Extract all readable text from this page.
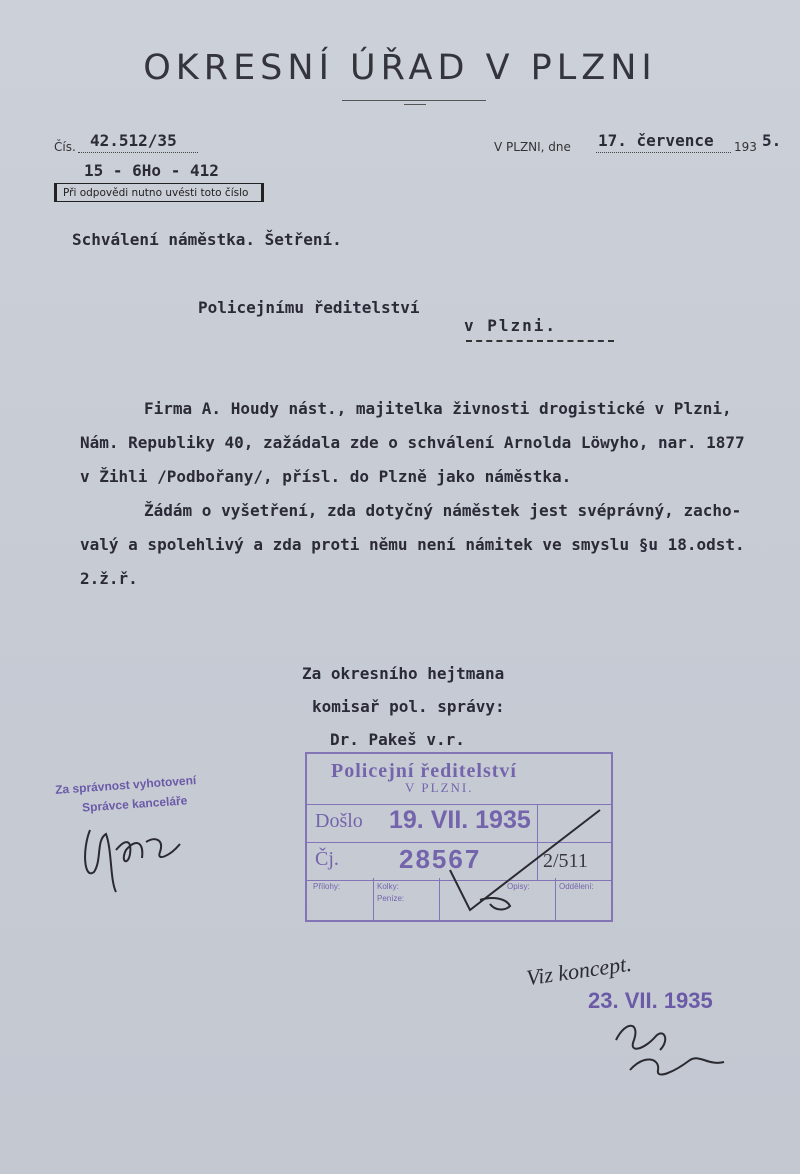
OKRESNÍ ÚŘAD V PLZNI
Čís. 42.512/35
15 - 6Ho - 412
Při odpovědi nutno uvésti toto číslo
V PLZNI, dne 17. července 193 5.
Schválení náměstka. Šetření.
Policejnímu ředitelství
v Plzni.
Firma A. Houdy nást., majitelka živnosti drogistické v Plzni,
Nám. Republiky 40, zažádala zde o schválení Arnolda Löwyho, nar. 1877
v Žihli /Podbořany/, přísl. do Plzně jako náměstka.
Žádám o vyšetření, zda dotyčný náměstek jest svéprávný, zacho-
valý a spolehlivý a zda proti němu není námitek ve smyslu §u 18.odst.
2.ž.ř.
Za okresního hejtmana
komisař pol. správy:
Dr. Pakeš v.r.
Za správnost vyhotovení
Správce kanceláře
Policejní ředitelství
V PLZNI.
Došlo 19. VII. 1935
Čj. 28567	2/511
Přílohy:	Kolky:
Peníze:
Opisy:	Oddělení:
Viz koncept.
23. VII. 1935
